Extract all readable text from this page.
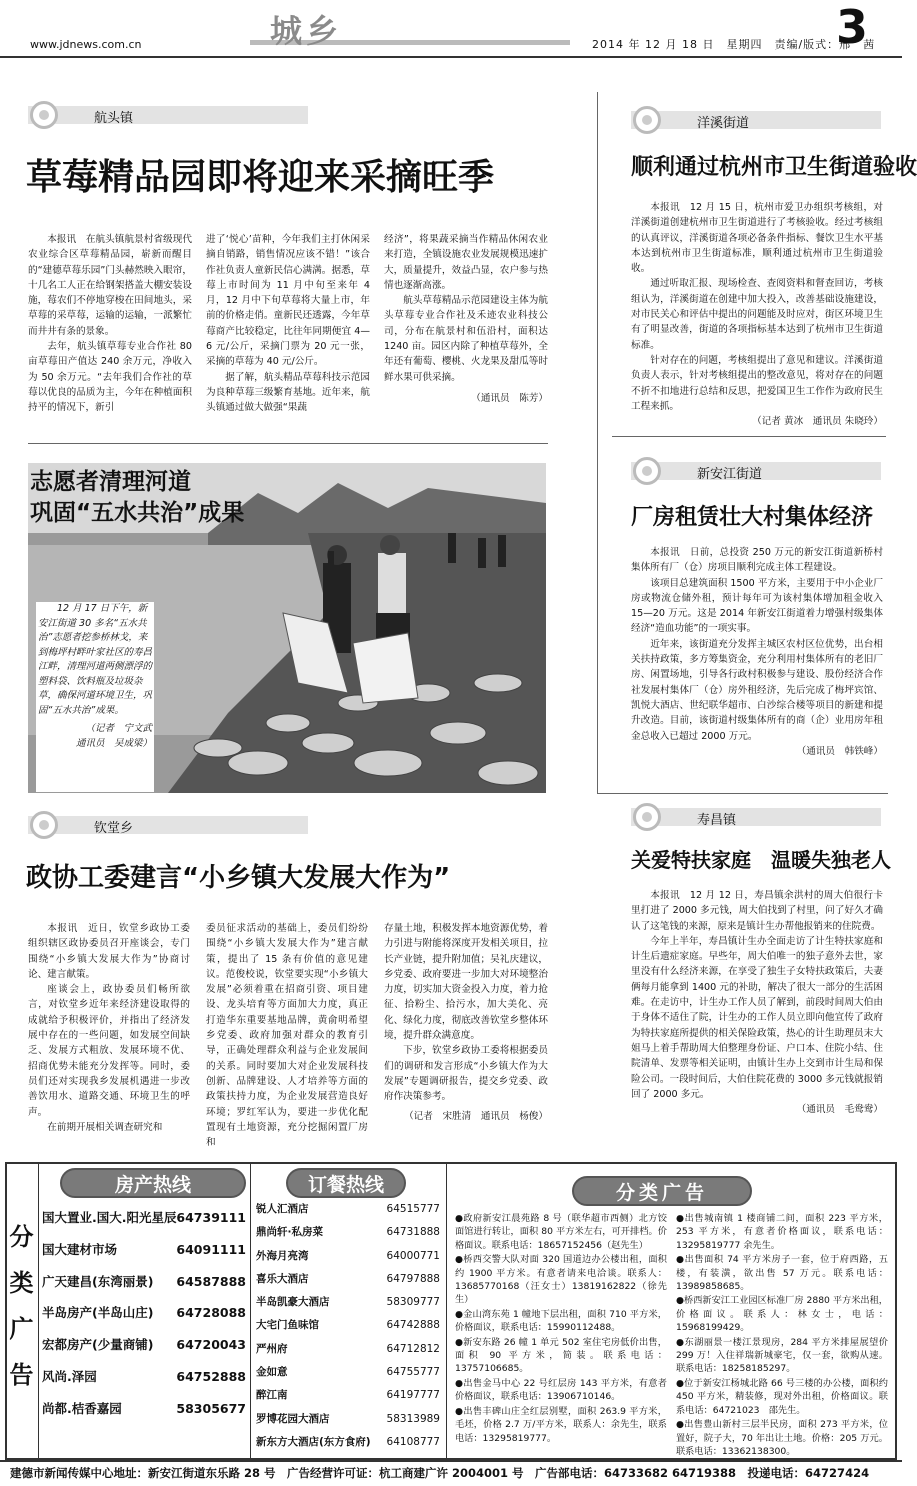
www.jdnews.com.cn	城乡	2014 年 12 月 18 日　星期四　责编/版式：邢　茜
3
航头镇
草莓精品园即将迎来采摘旺季

本报讯　在航头镇航景村省级现代农业综合区草莓精品园，崭新而醒目的“建德草莓乐园”门头赫然映入眼帘，十几名工人正在给钢架搭盖大棚安装设施，莓农们不停地穿梭在田间地头，采草莓的采草莓，运输的运输，一派繁忙而井井有条的景象。

去年，航头镇草莓专业合作社 80 亩草莓田产值达 240 余万元，净收入为 50 余万元。“去年我们合作社的草莓以优良的品质为主，今年在种植面积持平的情况下，新引

进了‘悦心’苗种，今年我们主打休闲采摘自销路，销售情况应该不错！”该合作社负责人童新民信心满满。据悉，草莓上市时间为 11 月中旬至来年 4 月，12 月中下旬草莓将大量上市，年前的价格走俏。童新民还透露，今年草莓商产比较稳定，比往年同期便宜 4—6 元/公斤，采摘门票为 20 元一张，采摘的草莓为 40 元/公斤。

据了解，航头精品草莓科技示范园为良种草莓三级繁育基地。近年来，航头镇通过做大做强“果蔬

经济”，将果蔬采摘当作精品休闲农业来打造，全镇设施农业发展规模迅速扩大，质量提升，效益凸显，农户参与热情也逐渐高涨。

航头草莓精品示范园建设主体为航头草莓专业合作社及禾迹农业科技公司，分布在航景村和伍沿村，面积达 1240 亩。园区内除了种植草莓外，全年还有葡萄、樱桃、火龙果及甜瓜等时鲜水果可供采摘。

（通讯员　陈芳）

志愿者清理河道
巩固“五水共治”成果
12 月 17 日下午，新安江街道 30 多名“五水共治”志愿者挖参桥林戈，来到梅坪村畔叶家社区的寿昌江畔，清理河道两侧漂浮的塑料袋、饮料瓶及垃圾杂草，确保河道环境卫生，巩固“五水共治”成果。
（记者　宁文武
通讯员　吴成梁）
钦堂乡
政协工委建言“小乡镇大发展大作为”

本报讯　近日，钦堂乡政协工委组织辖区政协委员召开座谈会，专门围绕“小乡镇大发展大作为”协商讨论、建言献策。

座谈会上，政协委员们畅所欲言，对钦堂乡近年来经济建设取得的成就给予积极评价，并指出了经济发展中存在的一些问题，如发展空间缺乏、发展方式粗放、发展环境不优、招商优势未能充分发挥等。同时，委员们还对实现我乡发展机遇进一步改善饮用水、道路交通、环境卫生的呼声。

在前期开展相关调查研究和

委员征求活动的基础上，委员们纷纷围绕“小乡镇大发展大作为”建言献策，提出了 15 条有价值的意见建议。范俊校说，钦堂要实现“小乡镇大发展”必须着重在招商引资、项目建设、龙头培育等方面加大力度，真正打造华东重要基地品牌，黄俞明希望乡党委、政府加强对群众的教育引导，正确处理群众利益与企业发展间的关系。同时要加大对企业发展科技创新、品牌建设、人才培养等方面的政策扶持力度，为企业发展营造良好环境；罗红军认为，要进一步优化配置现有土地资源，充分挖掘闲置厂房和

存量土地，积极发挥本地资源优势，着力引进与附能将深度开发相关项目，拉长产业链，提升附加值；吴礼庆建议，乡党委、政府要进一步加大对环境整治力度，切实加大资金投入力度，着力抢征、拾粉尘、拾污水，加大美化、亮化、绿化力度，彻底改善钦堂乡整体环境，提升群众满意度。

下步，钦堂乡政协工委将根据委员们的调研和发言形成“小乡镇大作为大发展”专题调研报告，提交乡党委、政府作决策参考。

（记者　宋胜清　通讯员　杨俊）

洋溪街道
顺利通过杭州市卫生街道验收

本报讯　12 月 15 日，杭州市爱卫办组织考核组，对洋溪街道创建杭州市卫生街道进行了考核验收。经过考核组的认真评议，洋溪街道各项必备条件指标、餐饮卫生水平基本达到杭州市卫生街道标准，顺利通过杭州市卫生街道验收。

通过听取汇报、现场检查、查阅资料和督查回访，考核组认为，洋溪街道在创建中加大投入，改善基础设施建设，对市民关心和评估中提出的问题能及时应对，街区环境卫生有了明显改善，街道的各项指标基本达到了杭州市卫生街道标准。

针对存在的问题，考核组提出了意见和建议。洋溪街道负责人表示，针对考核组提出的整改意见，将对存在的问题不折不扣地进行总结和反思，把爱国卫生工作作为政府民生工程来抓。

（记者 黄冰　通讯员 朱晓玲）

新安江街道
厂房租赁壮大村集体经济

本报讯　日前，总投资 250 万元的新安江街道新桥村集体所有厂（仓）房项目顺利完成主体工程建设。

该项目总建筑面积 1500 平方米，主要用于中小企业厂房或物流仓储外租，预计每年可为该村集体增加租金收入 15—20 万元。这是 2014 年新安江街道着力增强村级集体经济“造血功能”的一项实事。

近年来，该街道充分发挥主城区农村区位优势，出台相关扶持政策，多方筹集资金，充分利用村集体所有的老旧厂房、闲置场地，引导各行政村积极参与建设、股份经济合作社发展村集体厂（仓）房外租经济，先后完成了梅坪宾馆、凯悦大酒店、世纪联华超市、白沙综合楼等项目的新建和提升改造。目前，该街道村级集体所有的商（企）业用房年租金总收入已超过 2000 万元。

（通讯员　韩铁峰）

寿昌镇
关爱特扶家庭　温暖失独老人

本报讯　12 月 12 日，寿昌镇余洪村的周大伯很行卡里打进了 2000 多元钱，周大伯找到了村里，问了好久才确认了这笔钱的来源，原来是镇计生办帮他报销来的住院费。

今年上半年，寿昌镇计生办全面走访了计生特扶家庭和计生后遗症家庭。早些年，周大伯唯一的独子意外去世，家里没有什么经济来源，在享受了独生子女特扶政策后，夫妻俩每月能拿到 1400 元的补助，解决了很大一部分的生活困难。在走访中，计生办工作人员了解到，前段时间周大伯由于身体不适住了院，计生办的工作人员立即向他宣传了政府为特扶家庭所提供的相关保险政策，热心的计生助理员末大姐马上着手帮助周大伯整理身份证、户口本、住院小结、住院清单、发票等相关证明，由镇计生办上交到市计生局和保险公司。一段时间后，大伯住院花费的 3000 多元钱就报销回了 2000 多元。

（通讯员　毛鸯鸯）

分
类
广
告
房产热线
国大置业.国大.阳光星辰 64739111
国大建材市场	64091111
广天建昌(东湾丽景) 64587888
半岛房产(半岛山庄) 64728088
宏都房产(少量商铺) 64720043
风尚.泽园	64752888
尚都.桔香嘉园	58305677
订餐热线
锐人汇酒店	64515777
鼎尚轩·私房菜	64731888
外海月亮湾	64000771
喜乐大酒店	64797888
半岛凯豪大酒店	58309777
大宅门鱼味馆	64742888
严州府	64712812
金如意	64755777
醉江南	64197777
罗博花园大酒店	58313989
新东方大酒店(东方食府) 64108777
分类广告

●政府新安江晨苑路 8 号（联华超市西侧）北方饺面馆进行转让，面积 80 平方米左右，可开排档。价格面议。联系电话：18657152456（赵先生）

●桥西交警大队对面 320 国道边办公楼出租，面积约 1900 平方米。有意者请来电洽谈。联系人：13685770168（汪女士）13819162822（徐先生）

●金山湾东苑 1 幢地下层出租，面积 710 平方米，价格面议，联系电话：15990112488。

●新安东路 26 幢 1 单元 502 室住宅房低价出售，面积 90 平方米，简装。联系电话：13757106685。

●出售金马中心 22 号红层房 143 平方米，有意者价格面议，联系电话：13906710146。

●出售丰碑山庄全红层别墅，面积 263.9 平方米，毛坯，价格 2.7 万/平方米，联系人：余先生，联系电话：13295819777。

●出售城南镇 1 楼商铺二间，面积 223 平方米，253 平方米，有意者价格面议，联系电话：13295819777 余先生。

●出售面积 74 平方米房子一套，位于府西路，五楼，有装潢，欲出售 57 万元。联系电话：13989858685。

●桥西新安江工业园区标准厂房 2880 平方米出租，价格面议。联系人：林女士，电话：15968199429。

●东湖丽景一楼江景现房，284 平方米排屋展望价 299 万！入住祥瑞新城豪宅，仅一套，欲购从速。联系电话：18258185297。

●位于新安江杨城北路 66 号三楼的办公楼，面积约 450 平方米，精装修，现对外出租，价格面议。联系电话：64721023　邵先生。

●出售豊山新村三层半民房，面积 273 平方米，位置好，院子大，70 年出让土地。价格：205 万元。联系电话：13362138300。

建德市新闻传媒中心地址：新安江街道东乐路 28 号　广告经营许可证：杭工商建广许 2004001 号　广告部电话：64733682 64719388　投递电话：64727424
